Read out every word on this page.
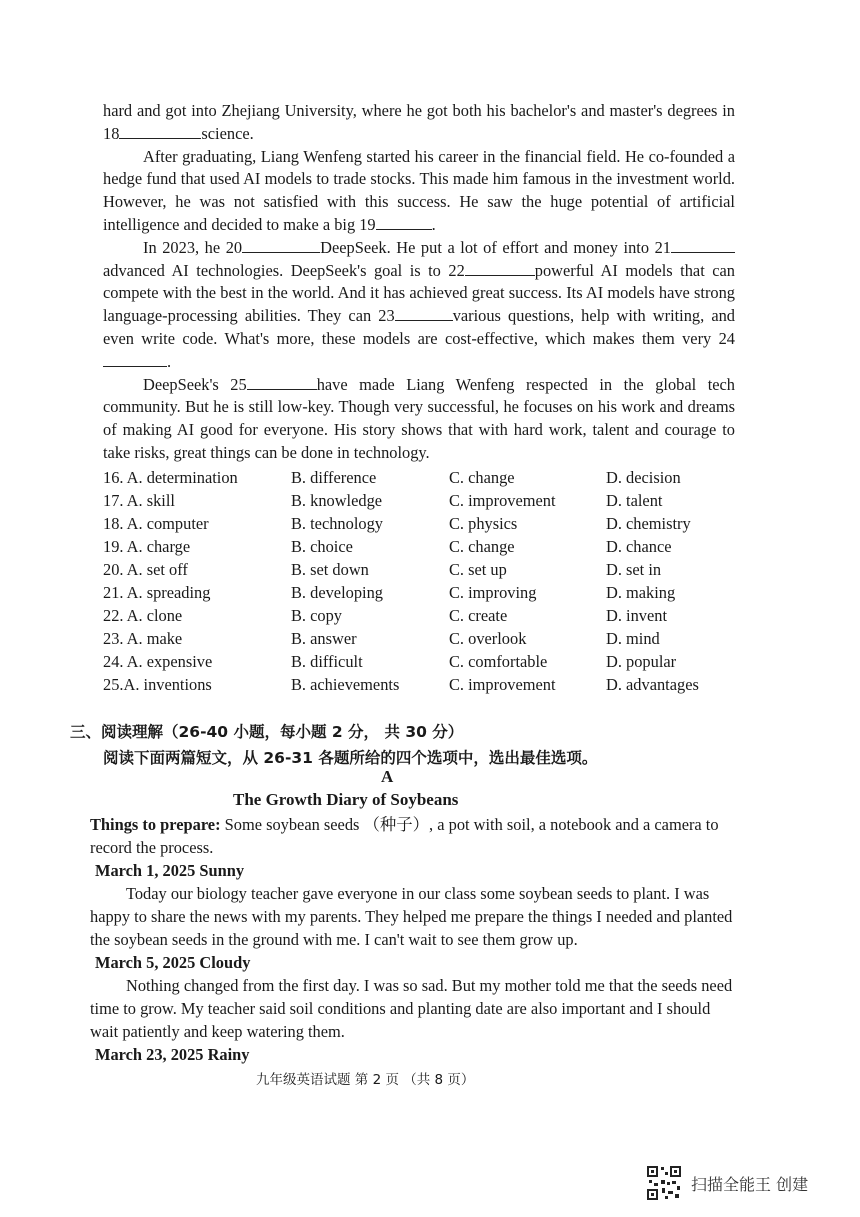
hard and got into Zhejiang University, where he got both his bachelor's and master's degrees in 18	science.

After graduating, Liang Wenfeng started his career in the financial field. He co-founded a hedge fund that used AI models to trade stocks. This made him famous in the investment world. However, he was not satisfied with this success. He saw the huge potential of artificial intelligence and decided to make a big 19	.

In 2023, he 20	DeepSeek. He put a lot of effort and money into 21advanced AI technologies. DeepSeek's goal is to 22	powerful AI models that can compete with the best in the world. And it has achieved great success. Its AI models have strong language-processing abilities. They can 23	various questions, help with writing, and even write code. What's more, these models are cost-effective, which makes them very 24.

DeepSeek's 25	have made Liang Wenfeng respected in the global tech community. But he is still low-key. Though very successful, he focuses on his work and dreams of making AI good for everyone. His story shows that with hard work, talent and courage to take risks, great things can be done in technology.

16. A. determination	B. difference	C. change	D. decision
17. A. skill	B. knowledge	C. improvement	D. talent
18. A. computer	B. technology	C. physics	D. chemistry
19. A. charge	B. choice	C. change	D. chance
20. A. set off	B. set down	C. set up	D. set in
21. A. spreading	B. developing	C. improving	D. making
22. A. clone	B. copy	C. create	D. invent
23. A. make	B. answer	C. overlook	D. mind
24. A. expensive	B. difficult	C. comfortable	D. popular
25.A. inventions	B. achievements	C. improvement	D. advantages
三、阅读理解（26-40 小题，每小题 2 分， 共 30 分）
阅读下面两篇短文，从 26-31 各题所给的四个选项中，选出最佳选项。
A
The Growth Diary of Soybeans

Things to prepare: Some soybean seeds （种子）, a pot with soil, a notebook and a camera to record the process.

March 1, 2025 Sunny

Today our biology teacher gave everyone in our class some soybean seeds to plant. I was happy to share the news with my parents. They helped me prepare the things I needed and planted the soybean seeds in the ground with me. I can't wait to see them grow up.

March 5, 2025 Cloudy

Nothing changed from the first day. I was so sad. But my mother told me that the seeds need time to grow. My teacher said soil conditions and planting date are also important and I should wait patiently and keep watering them.

March 23, 2025 Rainy

九年级英语试题 第 2 页 （共 8 页）
扫描全能王 创建
